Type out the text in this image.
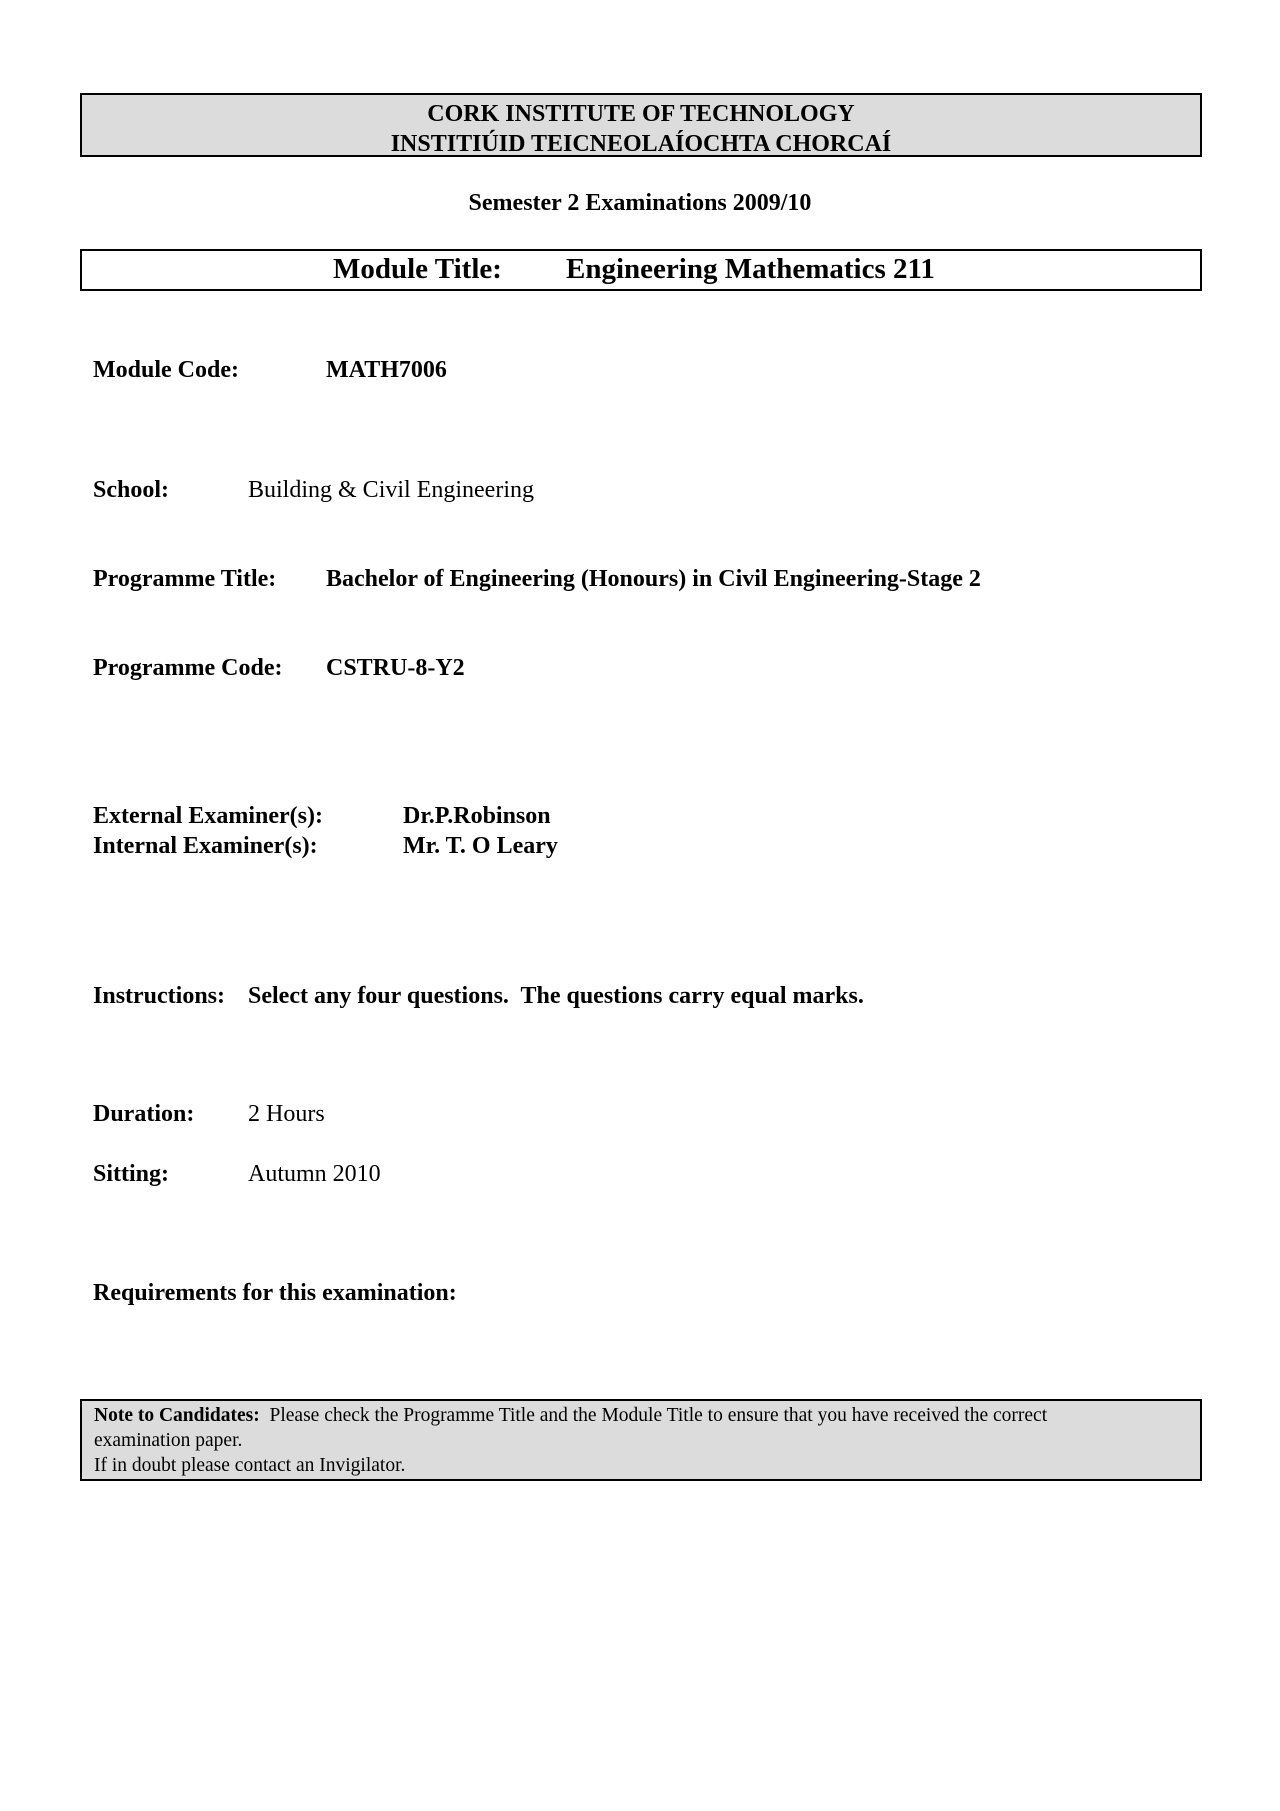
CORK INSTITUTE OF TECHNOLOGY
INSTITIÚID TEICNEOLAÍOCHTA CHORCAÍ
Semester 2 Examinations 2009/10
Module Title: Engineering Mathematics 211
Module Code:	MATH7006
School:	Building & Civil Engineering
Programme Title: Bachelor of Engineering (Honours) in Civil Engineering-Stage 2
Programme Code: CSTRU-8-Y2
External Examiner(s):	Dr.P.Robinson
Internal Examiner(s):	Mr. T. O Leary
Instructions: Select any four questions.  The questions carry equal marks.
Duration: 2 Hours
Sitting:	Autumn 2010
Requirements for this examination:

Note to Candidates: Please check the Programme Title and the Module Title to ensure that you have received the correct

examination paper.

If in doubt please contact an Invigilator.
